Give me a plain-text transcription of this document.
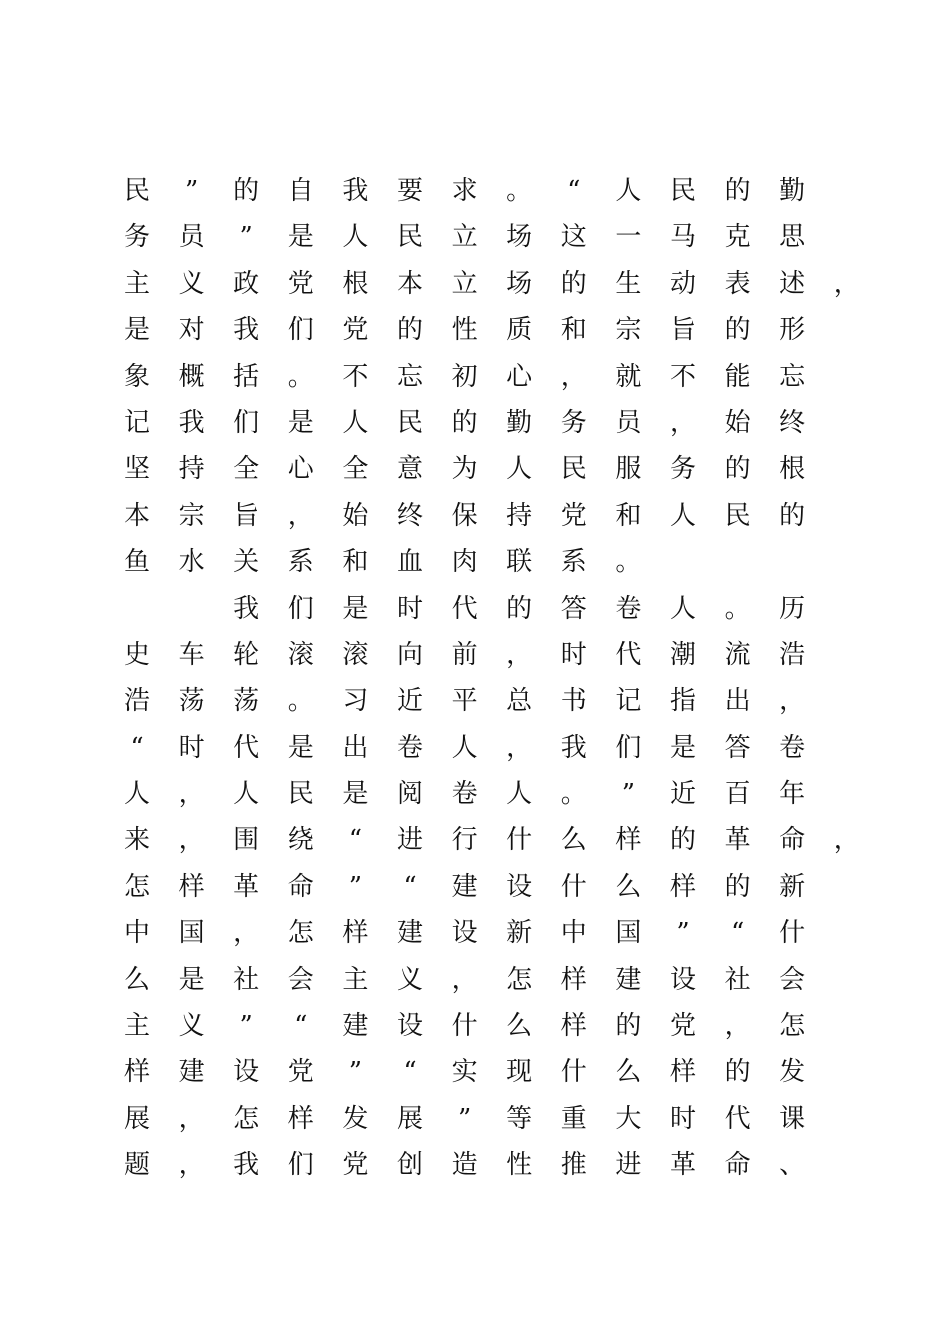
民	”	的 自 我 要 求 。	“	人 民 的 勤
务 员	”	是 人 民 立 场 这 一 马 克 思
主 义 政 党 根 本 立 场 的 生 动 表 述 ，
是 对 我 们 党 的 性 质 和 宗 旨 的 形
象 概 括 。 不 忘 初 心 ， 就 不 能 忘
记 我 们 是 人 民 的 勤 务 员 ， 始 终
坚 持 全 心 全 意 为 人 民 服 务 的 根
本 宗 旨 ， 始 终 保 持 党 和 人 民 的
鱼 水 关 系 和 血 肉 联 系 。

我 们 是 时 代 的 答 卷 人 。 历
史 车 轮 滚 滚 向 前 ， 时 代 潮 流 浩
浩 荡 荡 。 习 近 平 总 书 记 指 出 ，
“	时 代 是 出 卷 人 ， 我 们 是 答 卷
人 ， 人 民 是 阅 卷 人 。	”	近 百 年
来 ， 围 绕	“	进 行 什 么 样 的 革 命 ，
怎 样 革 命	”	“	建 设 什 么 样 的 新
中 国 ， 怎 样 建 设 新 中 国	”	“	什
么 是 社 会 主 义 ， 怎 样 建 设 社 会
主 义	”	“	建 设 什 么 样 的 党 ， 怎
样 建 设 党	”	“	实 现 什 么 样 的 发
展 ， 怎 样 发 展	”	等 重 大 时 代 课
题 ， 我 们 党 创 造 性 推 进 革 命 、
